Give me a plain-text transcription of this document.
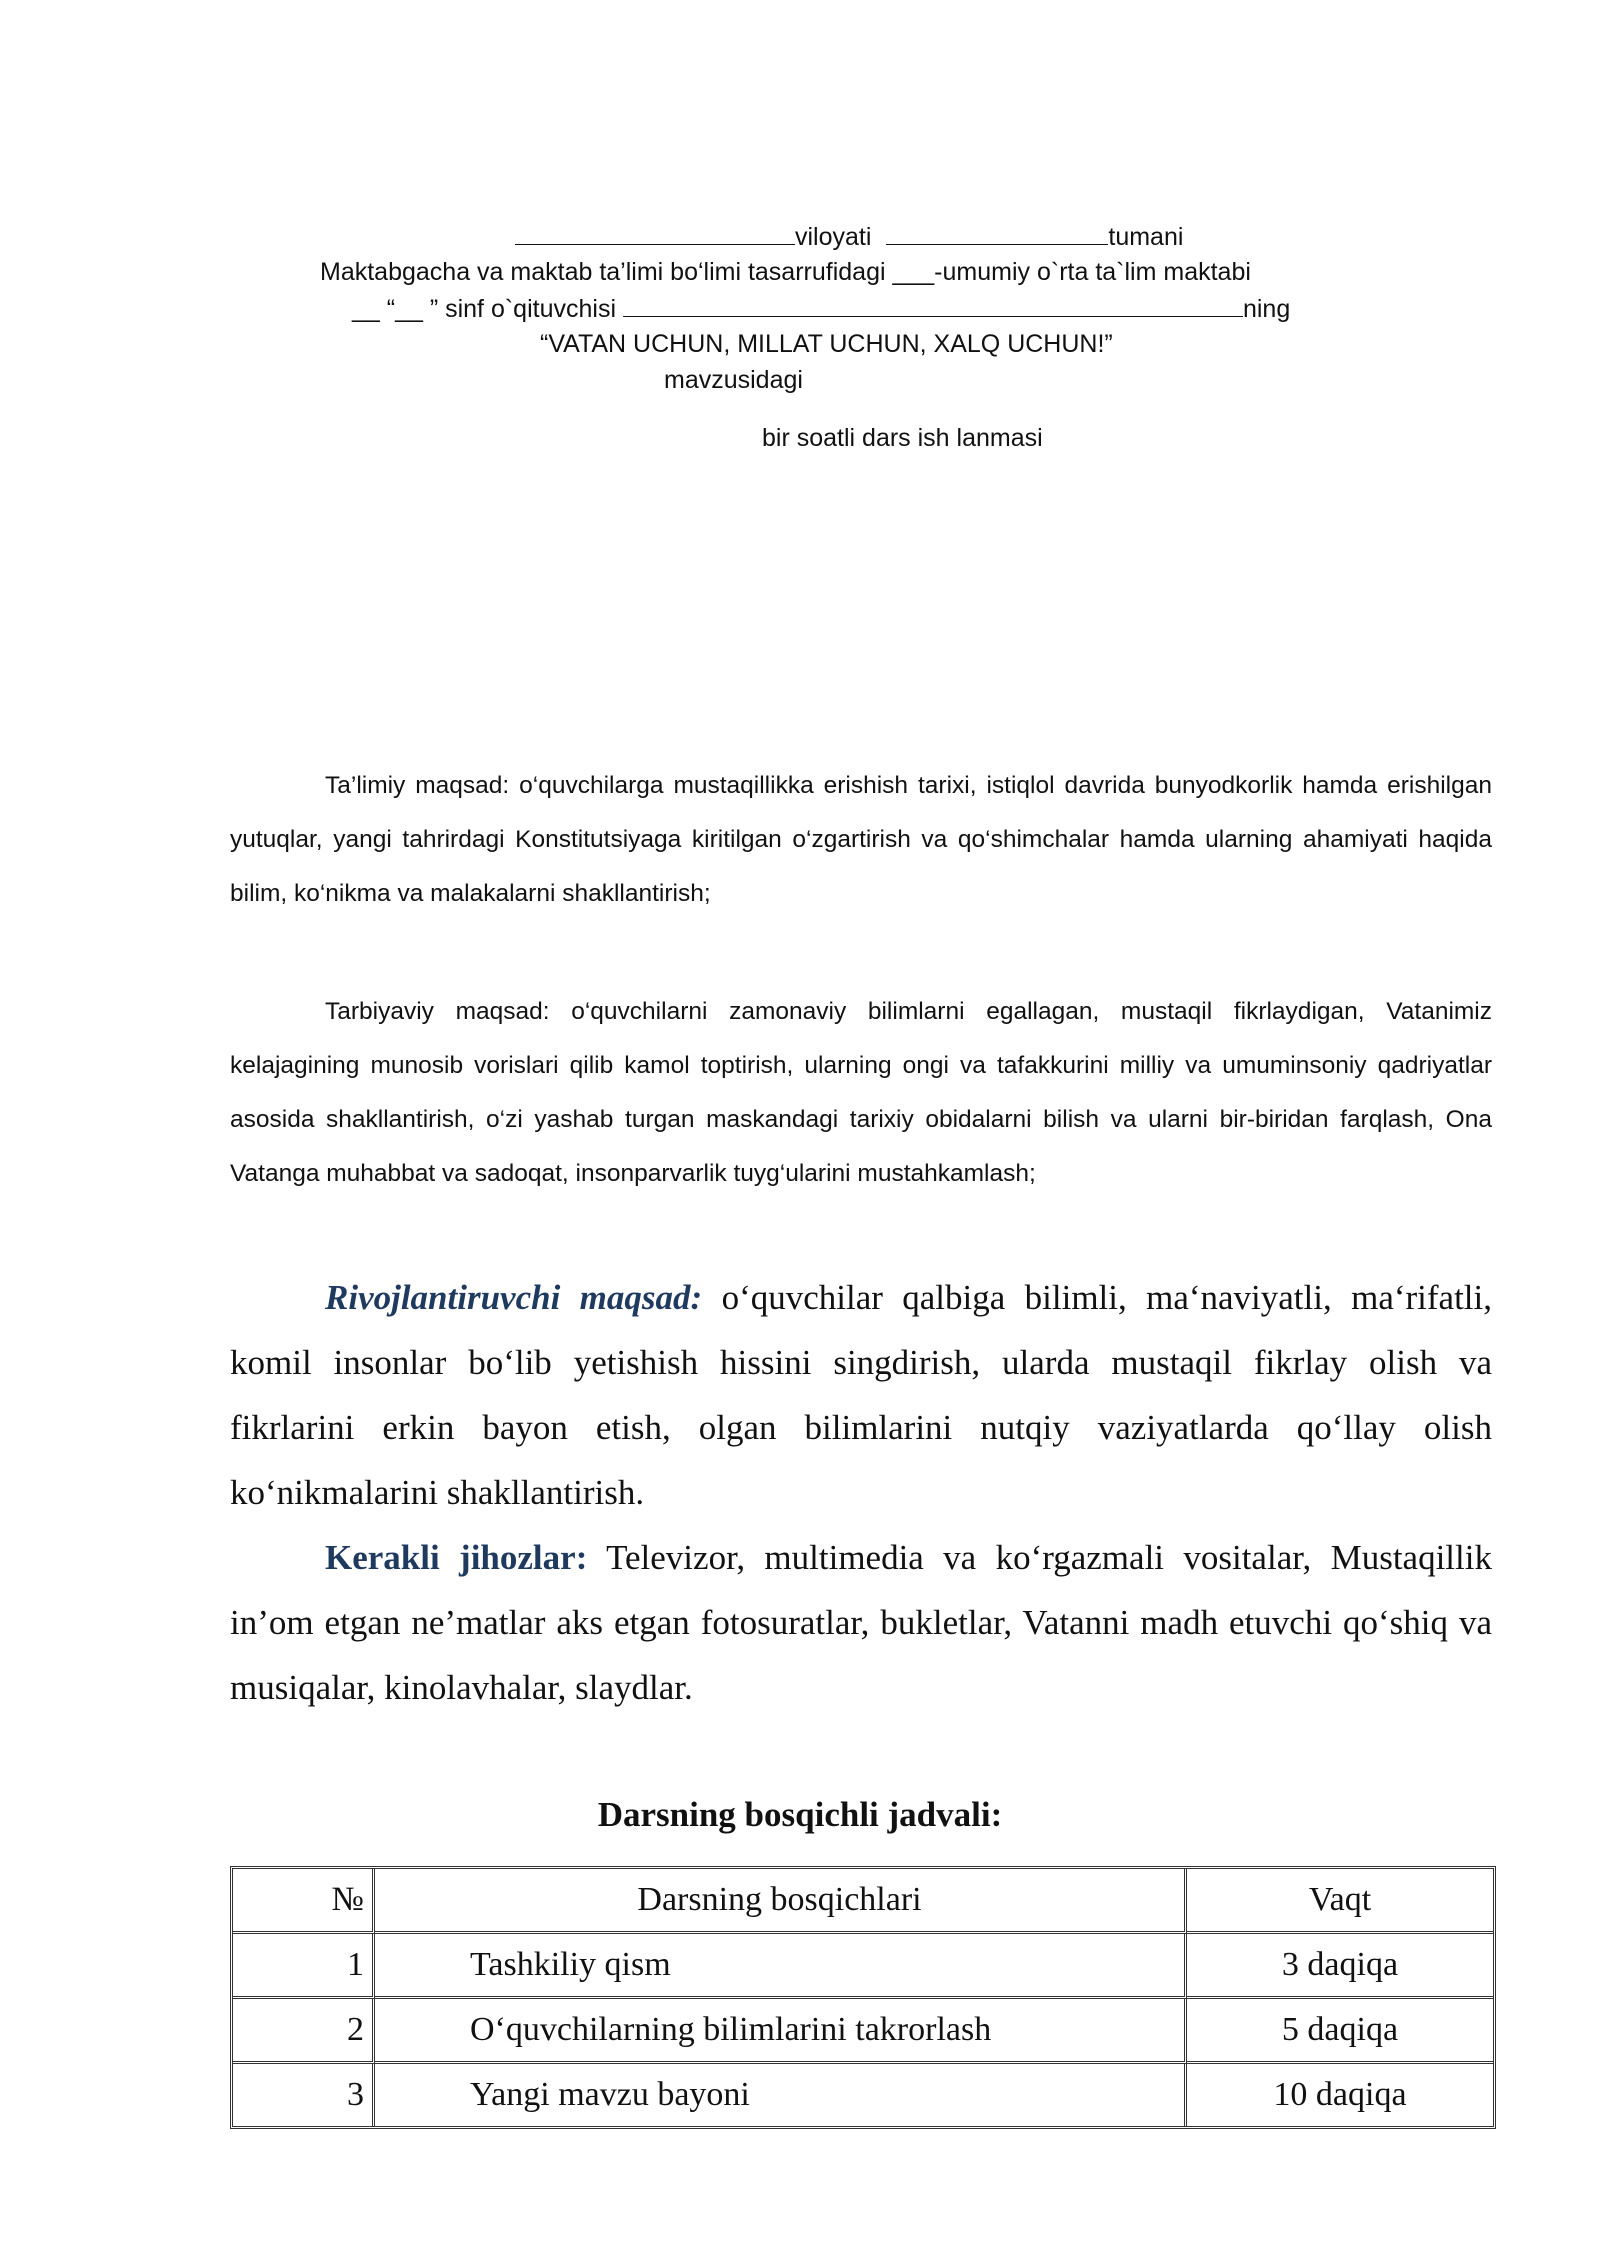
viloyati	tumani
Maktabgacha va maktab ta’limi bo‘limi tasarrufidagi ___-umumiy o`rta ta`lim maktabi
__ “__ ” sinf o`qituvchisi	ning
“VATAN UCHUN, MILLAT UCHUN, XALQ UCHUN!”
mavzusidagi
bir soatli dars ish lanmasi
Ta’limiy maqsad: o‘quvchilarga mustaqillikka erishish tarixi, istiqlol davrida bunyodkorlik hamda erishilgan yutuqlar, yangi tahrirdagi Konstitutsiyaga kiritilgan o‘zgartirish va qo‘shimchalar hamda ularning ahamiyati haqida bilim, ko‘nikma va malakalarni shakllantirish;
Tarbiyaviy maqsad: o‘quvchilarni zamonaviy bilimlarni egallagan, mustaqil fikrlaydigan, Vatanimiz kelajagining munosib vorislari qilib kamol toptirish, ularning ongi va tafakkurini milliy va umuminsoniy qadriyatlar asosida shakllantirish, o‘zi yashab turgan maskandagi tarixiy obidalarni bilish va ularni bir-biridan farqlash, Ona Vatanga muhabbat va sadoqat, insonparvarlik tuyg‘ularini mustahkamlash;
Rivojlantiruvchi maqsad: o‘quvchilar qalbiga bilimli, ma‘naviyatli, ma‘rifatli, komil insonlar bo‘lib yetishish hissini singdirish, ularda mustaqil fikrlay olish va fikrlarini erkin bayon etish, olgan bilimlarini nutqiy vaziyatlarda qo‘llay olish ko‘nikmalarini shakllantirish.
Kerakli jihozlar: Televizor, multimedia va ko‘rgazmali vositalar, Mustaqillik in’om etgan ne’matlar aks etgan fotosuratlar, bukletlar, Vatanni madh etuvchi qo‘shiq va musiqalar, kinolavhalar, slaydlar.
Darsning bosqichli jadvali:
№	Darsning bosqichlari	Vaqt
1	Tashkiliy qism	3 daqiqa
2	O‘quvchilarning bilimlarini takrorlash	5 daqiqa
3	Yangi mavzu bayoni	10 daqiqa
